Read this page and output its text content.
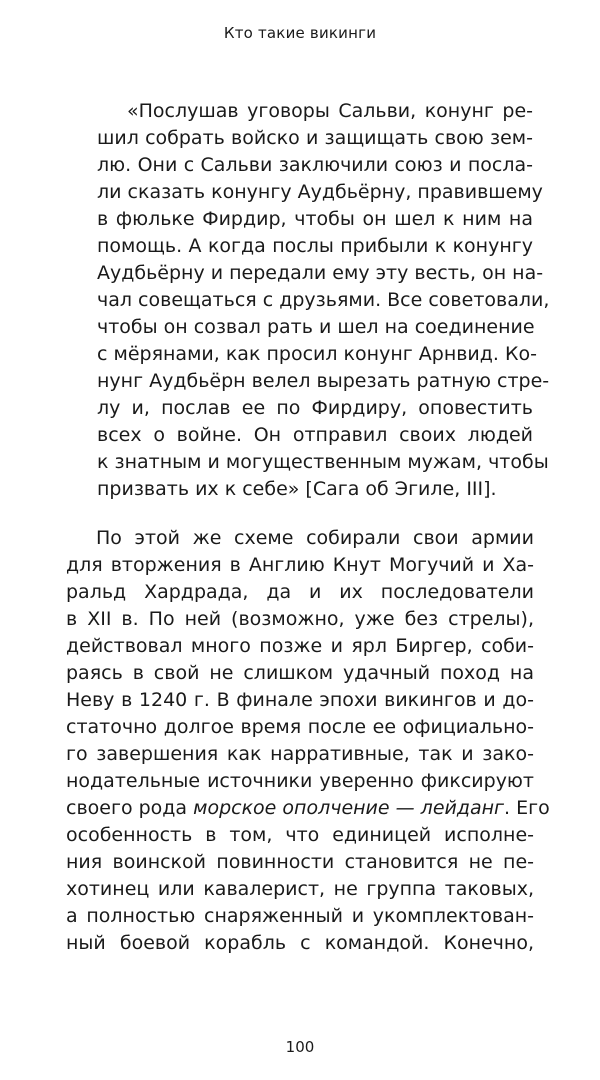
Кто такие викинги
«Послушав уговоры Сальви, конунг ре-
шил собрать войско и защищать свою зем-
лю. Они с Сальви заключили союз и посла-
ли сказать конунгу Аудбьёрну, правившему
в фюльке Фирдир, чтобы он шел к ним на
помощь. А когда послы прибыли к конунгу
Аудбьёрну и передали ему эту весть, он на-
чал совещаться с друзьями. Все советовали,
чтобы он созвал рать и шел на соединение
с мёрянами, как просил конунг Арнвид. Ко-
нунг Аудбьёрн велел вырезать ратную стре-
лу и, послав ее по Фирдиру, оповестить
всех о войне. Он отправил своих людей
к знатным и могущественным мужам, чтобы
призвать их к себе» [Сага об Эгиле, III].
По этой же схеме собирали свои армии
для вторжения в Англию Кнут Могучий и Ха-
ральд Хардрада, да и их последователи
в XII в. По ней (возможно, уже без стрелы),
действовал много позже и ярл Биргер, соби-
раясь в свой не слишком удачный поход на
Неву в 1240 г. В финале эпохи викингов и до-
статочно долгое время после ее официально-
го завершения как нарративные, так и зако-
нодательные источники уверенно фиксируют
своего рода морское ополчение — лейданг. Его
особенность в том, что единицей исполне-
ния воинской повинности становится не пе-
хотинец или кавалерист, не группа таковых,
а полностью снаряженный и укомплектован-
ный боевой корабль с командой. Конечно,
100
